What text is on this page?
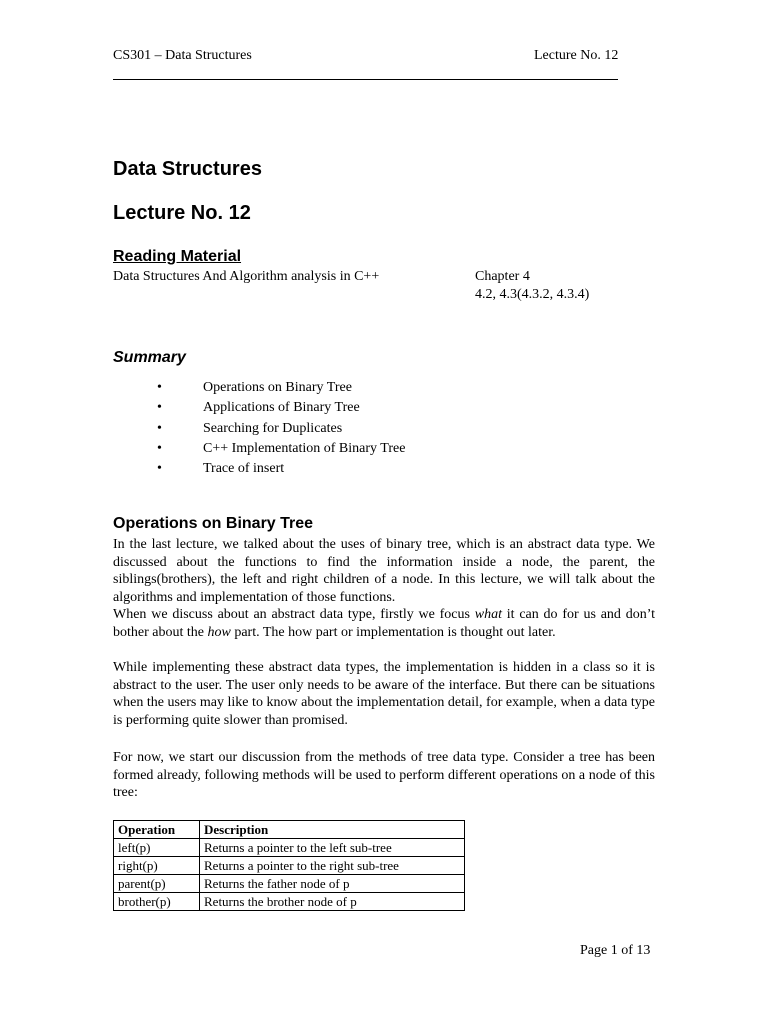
CS301 – Data Structures	Lecture No. 12
Data Structures
Lecture No. 12
Reading Material
Data Structures And Algorithm analysis in C++	Chapter 4
4.2, 4.3(4.3.2, 4.3.4)
Summary
•	Operations on Binary Tree
•	Applications of Binary Tree
•	Searching for Duplicates
•	C++ Implementation of Binary Tree
•	Trace of insert
Operations on Binary Tree

In the last lecture, we talked about the uses of binary tree, which is an abstract data type. We discussed about the functions to find the information inside a node, the parent, the siblings(brothers), the left and right children of a node. In this lecture, we will talk about the algorithms and implementation of those functions.
When we discuss about an abstract data type, firstly we focus what it can do for us and don’t bother about the how part. The how part or implementation is thought out later.

While implementing these abstract data types, the implementation is hidden in a class so it is abstract to the user. The user only needs to be aware of the interface. But there can be situations when the users may like to know about the implementation detail, for example, when a data type is performing quite slower than promised.

For now, we start our discussion from the methods of tree data type. Consider a tree has been formed already, following methods will be used to perform different operations on a node of this tree:

Operation	Description
left(p)	Returns a pointer to the left sub-tree
right(p)	Returns a pointer to the right sub-tree
parent(p)	Returns the father node of p
brother(p)	Returns the brother node of p
Page 1 of 13
